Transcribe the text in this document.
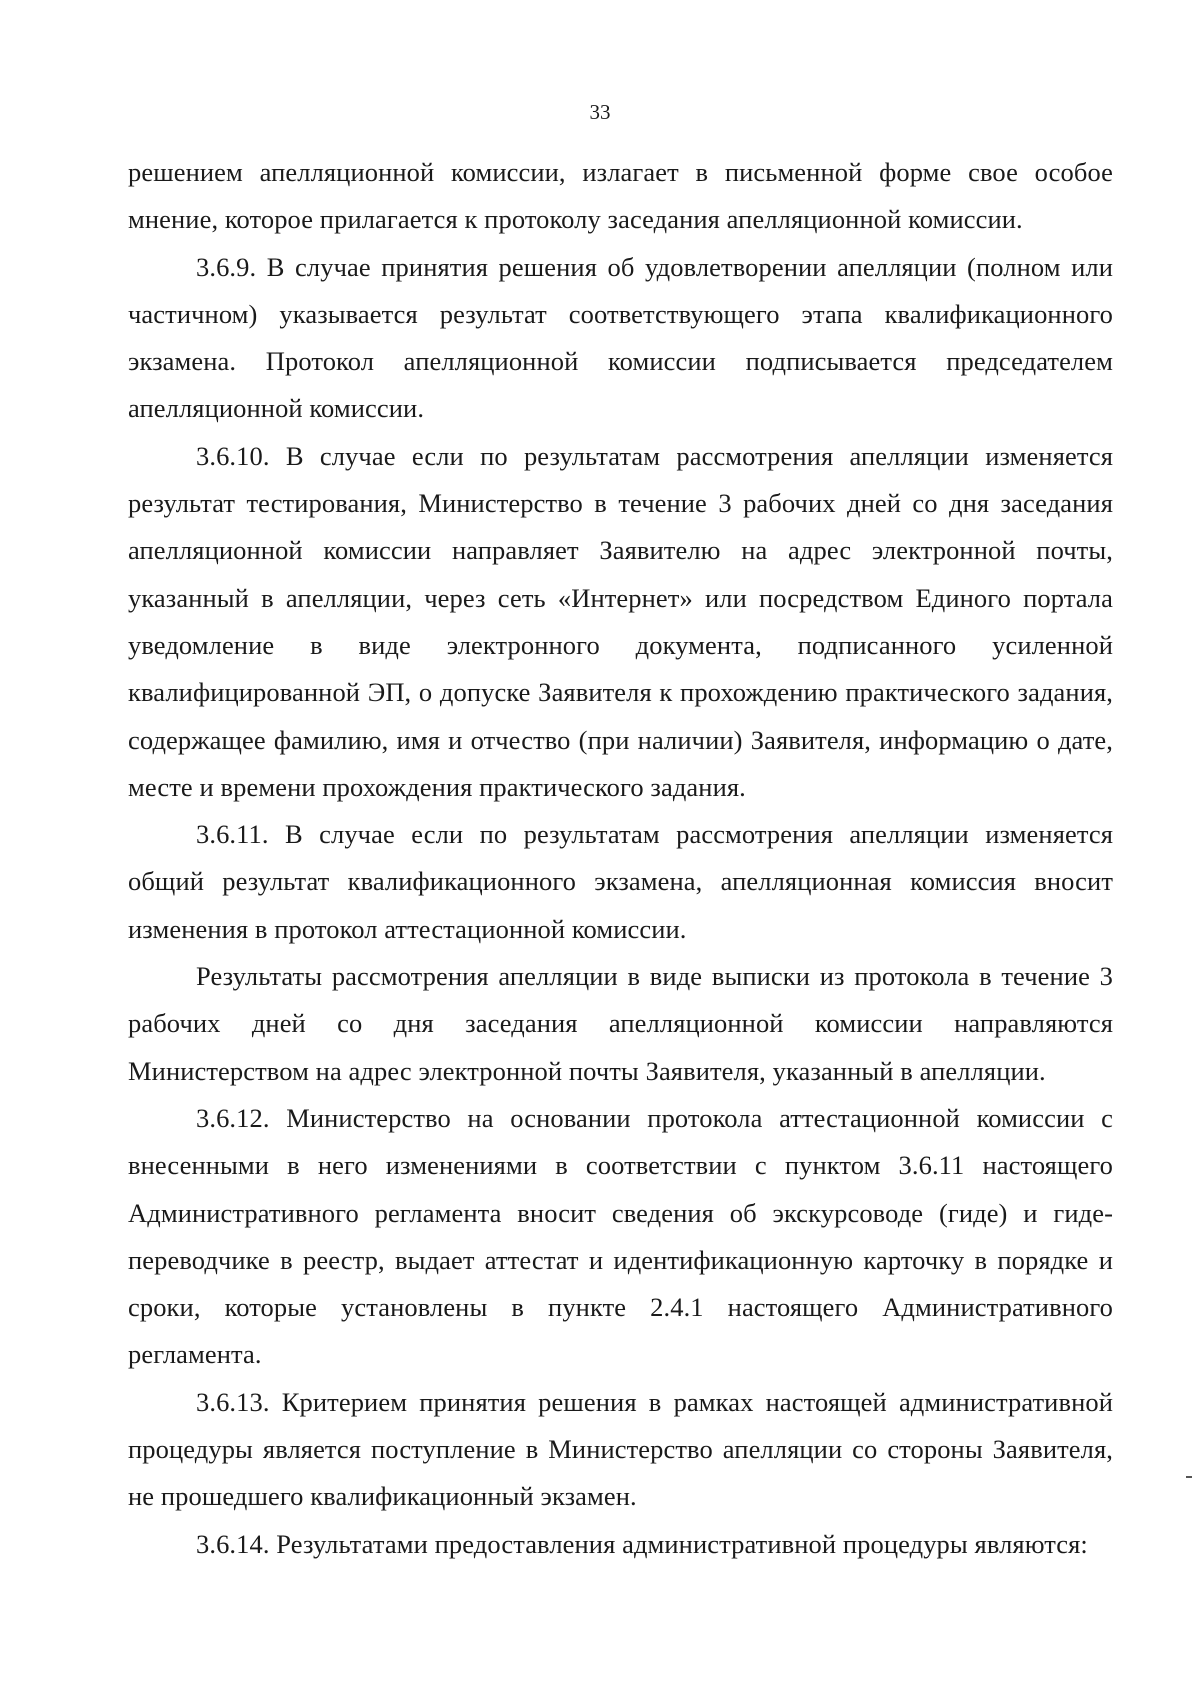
33

решением апелляционной комиссии, излагает в письменной форме свое особое мнение, которое прилагается к протоколу заседания апелляционной комиссии.

3.6.9. В случае принятия решения об удовлетворении апелляции (полном или частичном) указывается результат соответствующего этапа квалификационного экзамена. Протокол апелляционной комиссии подписывается председателем апелляционной комиссии.

3.6.10. В случае если по результатам рассмотрения апелляции изменяется результат тестирования, Министерство в течение 3 рабочих дней со дня заседания апелляционной комиссии направляет Заявителю на адрес электронной почты, указанный в апелляции, через сеть «Интернет» или посредством Единого портала уведомление в виде электронного документа, подписанного усиленной квалифицированной ЭП, о допуске Заявителя к прохождению практического задания, содержащее фамилию, имя и отчество (при наличии) Заявителя, информацию о дате, месте и времени прохождения практического задания.

3.6.11. В случае если по результатам рассмотрения апелляции изменяется общий результат квалификационного экзамена, апелляционная комиссия вносит изменения в протокол аттестационной комиссии.

Результаты рассмотрения апелляции в виде выписки из протокола в течение 3 рабочих дней со дня заседания апелляционной комиссии направляются Министерством на адрес электронной почты Заявителя, указанный в апелляции.

3.6.12. Министерство на основании протокола аттестационной комиссии с внесенными в него изменениями в соответствии с пунктом 3.6.11 настоящего Административного регламента вносит сведения об экскурсоводе (гиде) и гиде-переводчике в реестр, выдает аттестат и идентификационную карточку в порядке и сроки, которые установлены в пункте 2.4.1 настоящего Административного регламента.

3.6.13. Критерием принятия решения в рамках настоящей административной процедуры является поступление в Министерство апелляции со стороны Заявителя, не прошедшего квалификационный экзамен.

3.6.14. Результатами предоставления административной процедуры являются:
